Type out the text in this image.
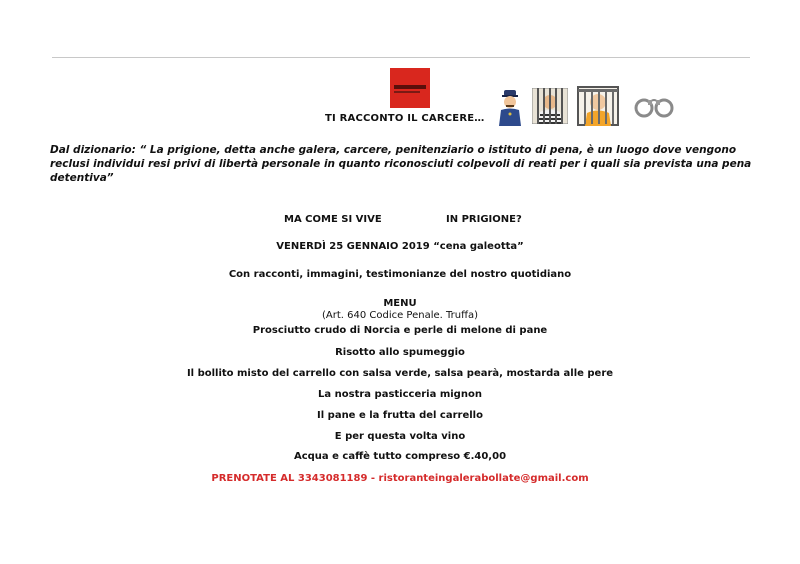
TI RACCONTO IL CARCERE…
Dal dizionario: “ La prigione, detta anche galera, carcere, penitenziario o istituto di pena, è un luogo dove vengono reclusi individui resi privi di libertà personale in quanto riconosciuti colpevoli di reati per i quali sia prevista una pena detentiva”
MA COME SI VIVE	IN PRIGIONE?
VENERDÌ 25 GENNAIO 2019 “cena galeotta”
Con racconti, immagini, testimonianze del nostro quotidiano
MENU
(Art. 640 Codice Penale. Truffa)
Prosciutto crudo di Norcia e perle di melone di pane
Risotto allo spumeggio
Il bollito misto del carrello con salsa verde, salsa pearà, mostarda alle pere
La nostra pasticceria mignon
Il pane e la frutta del carrello
E per questa volta vino
Acqua e caffè tutto compreso €.40,00
PRENOTATE AL 3343081189 - ristoranteingalerabollate@gmail.com
